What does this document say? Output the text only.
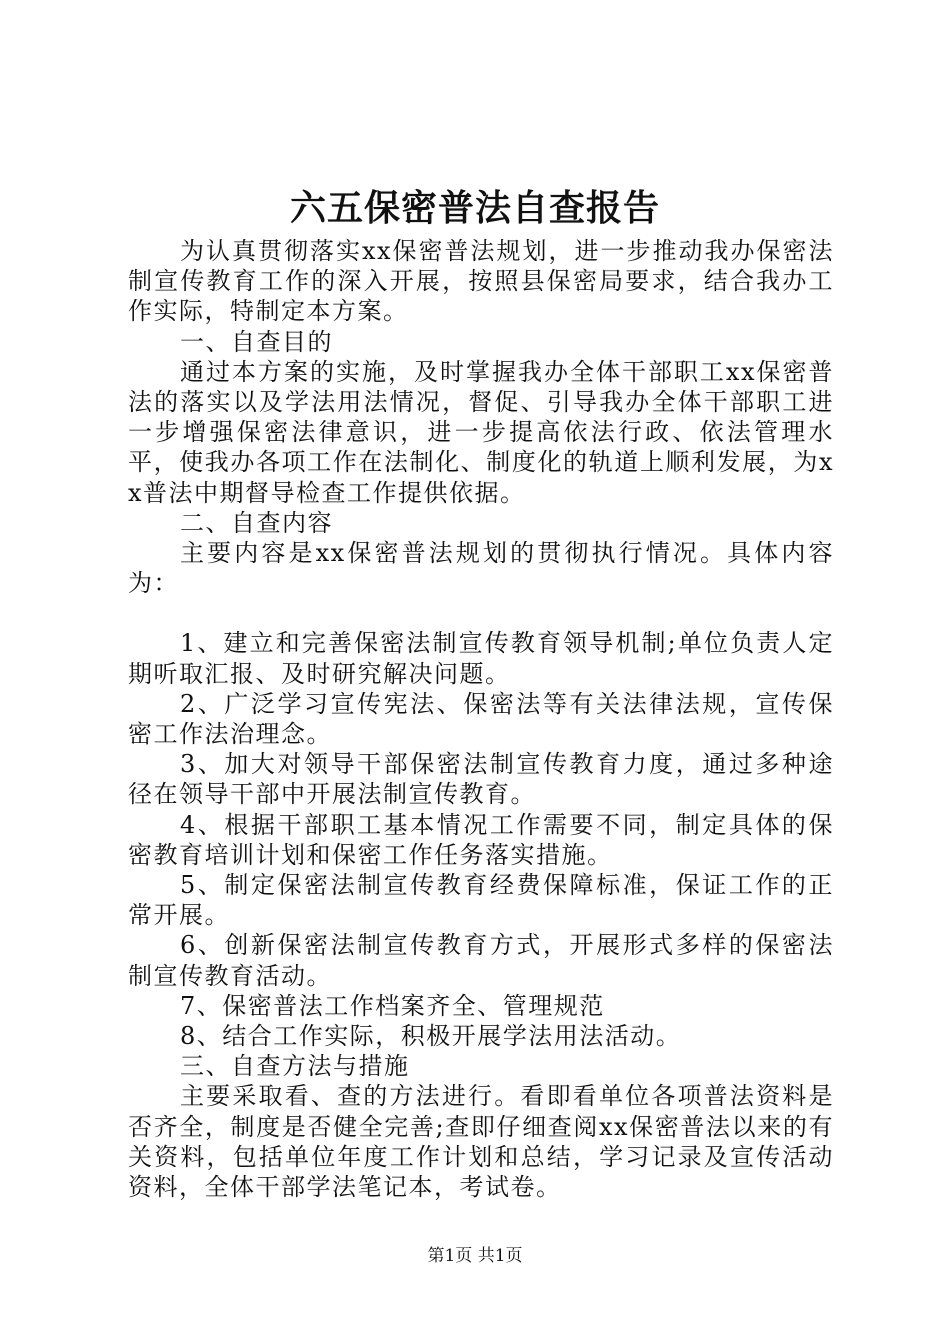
六五保密普法自查报告

为认真贯彻落实xx保密普法规划，进一步推动我办保密法制宣传教育工作的深入开展，按照县保密局要求，结合我办工作实际，特制定本方案。

一、自查目的

通过本方案的实施，及时掌握我办全体干部职工xx保密普法的落实以及学法用法情况，督促、引导我办全体干部职工进一步增强保密法律意识，进一步提高依法行政、依法管理水平，使我办各项工作在法制化、制度化的轨道上顺利发展，为xx普法中期督导检查工作提供依据。

二、自查内容

主要内容是xx保密普法规划的贯彻执行情况。具体内容为：

1、建立和完善保密法制宣传教育领导机制;单位负责人定期听取汇报、及时研究解决问题。

2、广泛学习宣传宪法、保密法等有关法律法规，宣传保密工作法治理念。

3、加大对领导干部保密法制宣传教育力度，通过多种途径在领导干部中开展法制宣传教育。

4、根据干部职工基本情况工作需要不同，制定具体的保密教育培训计划和保密工作任务落实措施。

5、制定保密法制宣传教育经费保障标准，保证工作的正常开展。

6、创新保密法制宣传教育方式，开展形式多样的保密法制宣传教育活动。

7、保密普法工作档案齐全、管理规范

8、结合工作实际，积极开展学法用法活动。

三、自查方法与措施

主要采取看、查的方法进行。看即看单位各项普法资料是否齐全，制度是否健全完善;查即仔细查阅xx保密普法以来的有关资料，包括单位年度工作计划和总结，学习记录及宣传活动资料，全体干部学法笔记本，考试卷。

第1页 共1页
